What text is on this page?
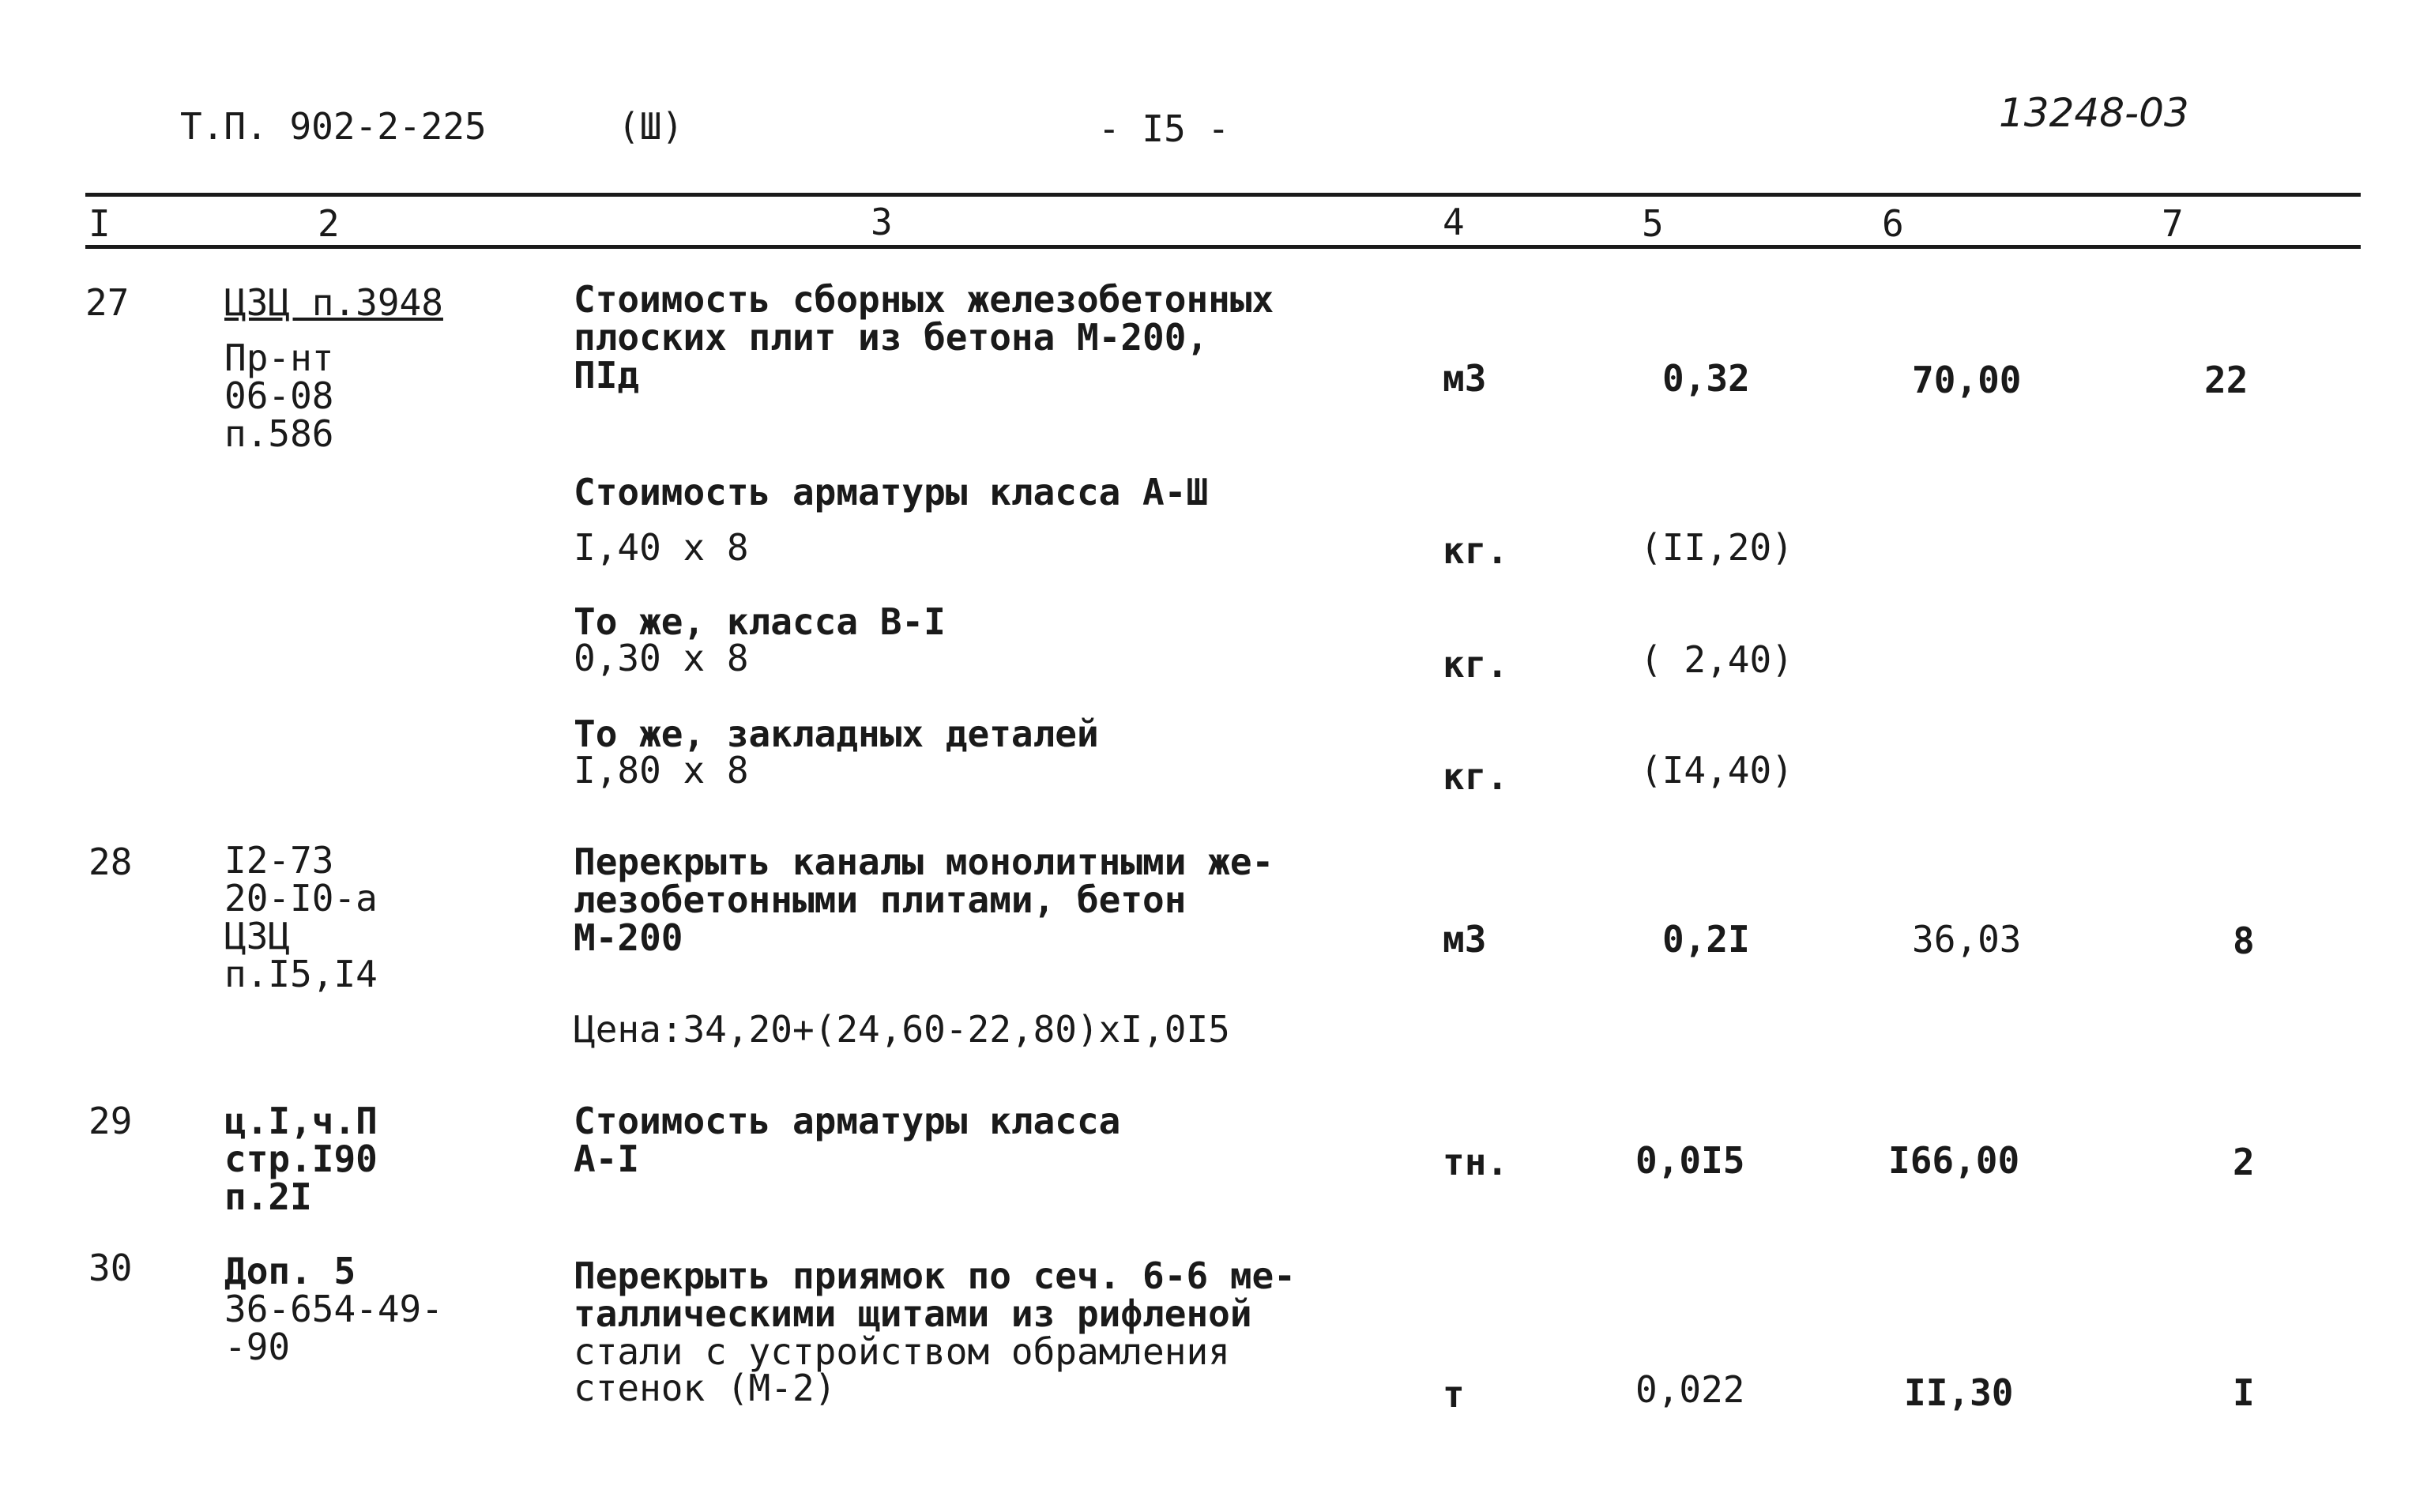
Т.П. 902-2-225	(Ш)	- I5 -	13248-03
I	2	3	4	5	6	7
27	ЦЗЦ п.3948
Пр-нт
06-08
п.586
Стоимость сборных железобетонных
плоских плит из бетона М-200,
ПIд	м3	0,32	70,00	22
Стоимость арматуры класса А-Ш
I,40 х 8	кг.	(II,20)
То же, класса В-I
0,30 х 8	кг.	( 2,40)
То же, закладных деталей
I,80 х 8	кг.	(I4,40)
28	I2-73
20-I0-а
ЦЗЦ
п.I5,I4
Перекрыть каналы монолитными же-
лезобетонными плитами, бетон
М-200	м3	0,2I	36,03	8
Цена:34,20+(24,60-22,80)хI,0I5
29	ц.I,ч.П
стр.I90
п.2I
Стоимость арматуры класса
А-I	тн.	0,0I5	I66,00	2
30	Доп. 5
36-654-49-
-90
Перекрыть приямок по сеч. 6-6 ме-
таллическими щитами из рифленой
стали с устройством обрамления
стенок (М-2)	т	0,022	II,30	I
